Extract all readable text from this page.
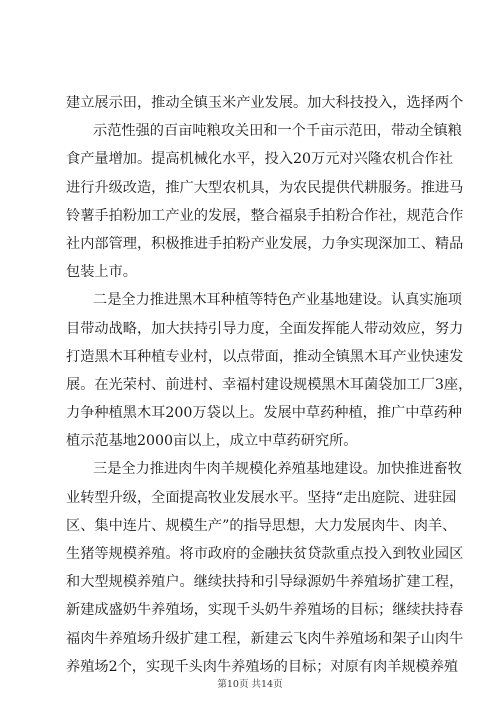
建立展示田，推动全镇玉米产业发展。加大科技投入，选择两个
示范性强的百亩吨粮攻关田和一个千亩示范田，带动全镇粮
食产量增加。提高机械化水平，投入20万元对兴隆农机合作社
进行升级改造，推广大型农机具，为农民提供代耕服务。推进马
铃薯手拍粉加工产业的发展，整合福泉手拍粉合作社，规范合作
社内部管理，积极推进手拍粉产业发展，力争实现深加工、精品
包装上市。
二是全力推进黑木耳种植等特色产业基地建设。认真实施项
目带动战略，加大扶持引导力度，全面发挥能人带动效应，努力
打造黑木耳种植专业村，以点带面，推动全镇黑木耳产业快速发
展。在光荣村、前进村、幸福村建设规模黑木耳菌袋加工厂3座，
力争种植黑木耳200万袋以上。发展中草药种植，推广中草药种
植示范基地2000亩以上，成立中草药研究所。
三是全力推进肉牛肉羊规模化养殖基地建设。加快推进畜牧
业转型升级，全面提高牧业发展水平。坚持“走出庭院、进驻园
区、集中连片、规模生产”的指导思想，大力发展肉牛、肉羊、
生猪等规模养殖。将市政府的金融扶贫贷款重点投入到牧业园区
和大型规模养殖户。继续扶持和引导绿源奶牛养殖场扩建工程，
新建成盛奶牛养殖场，实现千头奶牛养殖场的目标；继续扶持春
福肉牛养殖场升级扩建工程，新建云飞肉牛养殖场和架子山肉牛
养殖场2个，实现千头肉牛养殖场的目标；对原有肉羊规模养殖
第10页 共14页
